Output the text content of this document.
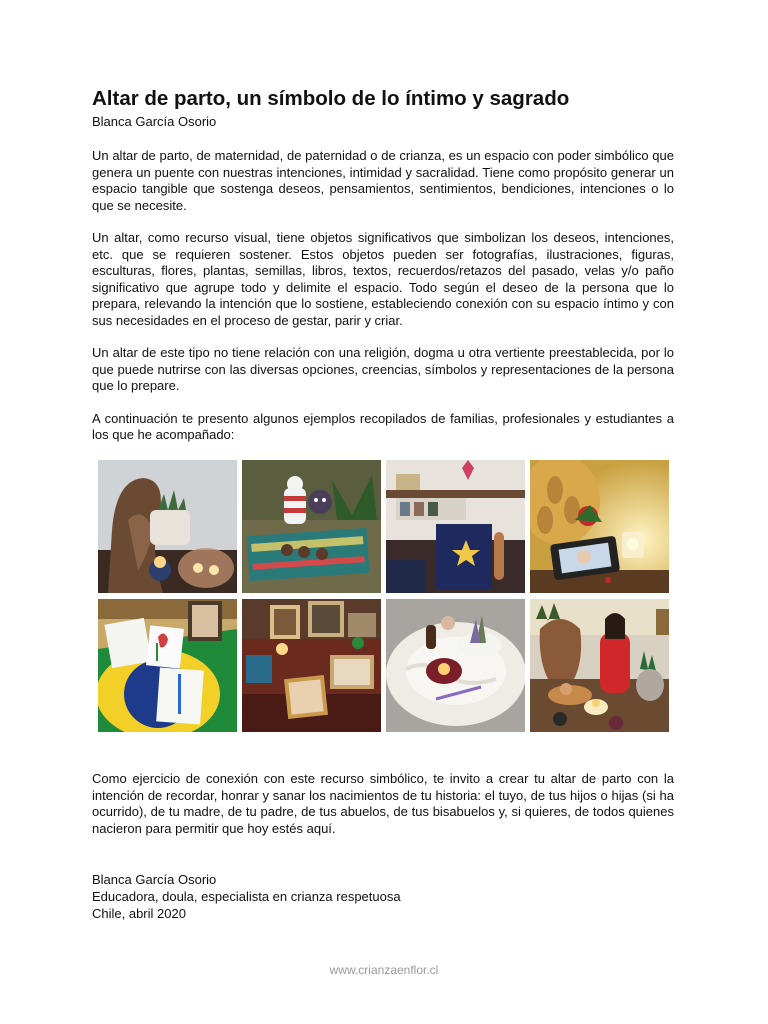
Altar de parto, un símbolo de lo íntimo y sagrado
Blanca García Osorio

Un altar de parto, de maternidad, de paternidad o de crianza, es un espacio con poder simbólico que genera un puente con nuestras intenciones, intimidad y sacralidad. Tiene como propósito generar un espacio tangible que sostenga deseos, pensamientos, sentimientos, bendiciones, intenciones o lo que se necesite.

Un altar, como recurso visual, tiene objetos significativos que simbolizan los deseos, intenciones, etc. que se requieren sostener. Estos objetos pueden ser fotografías, ilustraciones, figuras, esculturas, flores, plantas, semillas, libros, textos, recuerdos/retazos del pasado, velas y/o paño significativo que agrupe todo y delimite el espacio. Todo según el deseo de la persona que lo prepara, relevando la intención que lo sostiene, estableciendo conexión con su espacio íntimo y con sus necesidades en el proceso de gestar, parir y criar.

Un altar de este tipo no tiene relación con una religión, dogma u otra vertiente preestablecida, por lo que puede nutrirse con las diversas opciones, creencias, símbolos y representaciones de la persona que lo prepare.

A continuación te presento algunos ejemplos recopilados de familias, profesionales y estudiantes a los que he acompañado:

Como ejercicio de conexión con este recurso simbólico, te invito a crear tu altar de parto con la intención de recordar, honrar y sanar los nacimientos de tu historia: el tuyo, de tus hijos o hijas (si ha ocurrido), de tu madre, de tu padre, de tus abuelos, de tus bisabuelos y, si quieres, de todos quienes nacieron para permitir que hoy estés aquí.

Blanca García Osorio
Educadora, doula, especialista en crianza respetuosa
Chile, abril 2020
www.crianzaenflor.cl
